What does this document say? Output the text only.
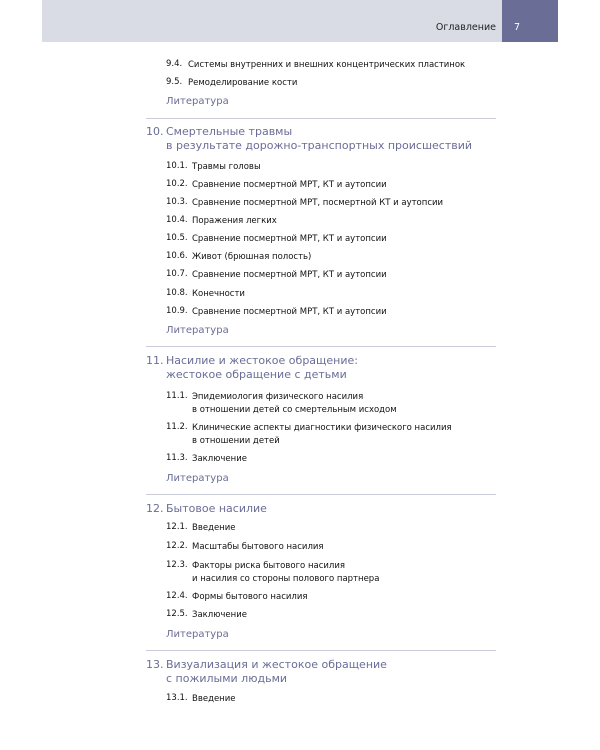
Оглавление 7
9.4. Системы внутренних и внешних концентрических пластинок
9.5. Ремоделирование кости
Литература
10. Смертельные травмы
в результате дорожно-транспортных происшествий
10.1. Травмы головы
10.2. Сравнение посмертной МРТ, КТ и аутопсии
10.3. Сравнение посмертной МРТ, посмертной КТ и аутопсии
10.4. Поражения легких
10.5. Сравнение посмертной МРТ, КТ и аутопсии
10.6. Живот (брюшная полость)
10.7. Сравнение посмертной МРТ, КТ и аутопсии
10.8. Конечности
10.9. Сравнение посмертной МРТ, КТ и аутопсии
Литература
11. Насилие и жестокое обращение:
жестокое обращение с детьми
11.1. Эпидемиология физического насилия
в отношении детей со смертельным исходом
11.2. Клинические аспекты диагностики физического насилия
в отношении детей
11.3. Заключение
Литература
12. Бытовое насилие
12.1. Введение
12.2. Масштабы бытового насилия
12.3. Факторы риска бытового насилия
и насилия со стороны полового партнера
12.4. Формы бытового насилия
12.5. Заключение
Литература
13. Визуализация и жестокое обращение
с пожилыми людьми
13.1. Введение
